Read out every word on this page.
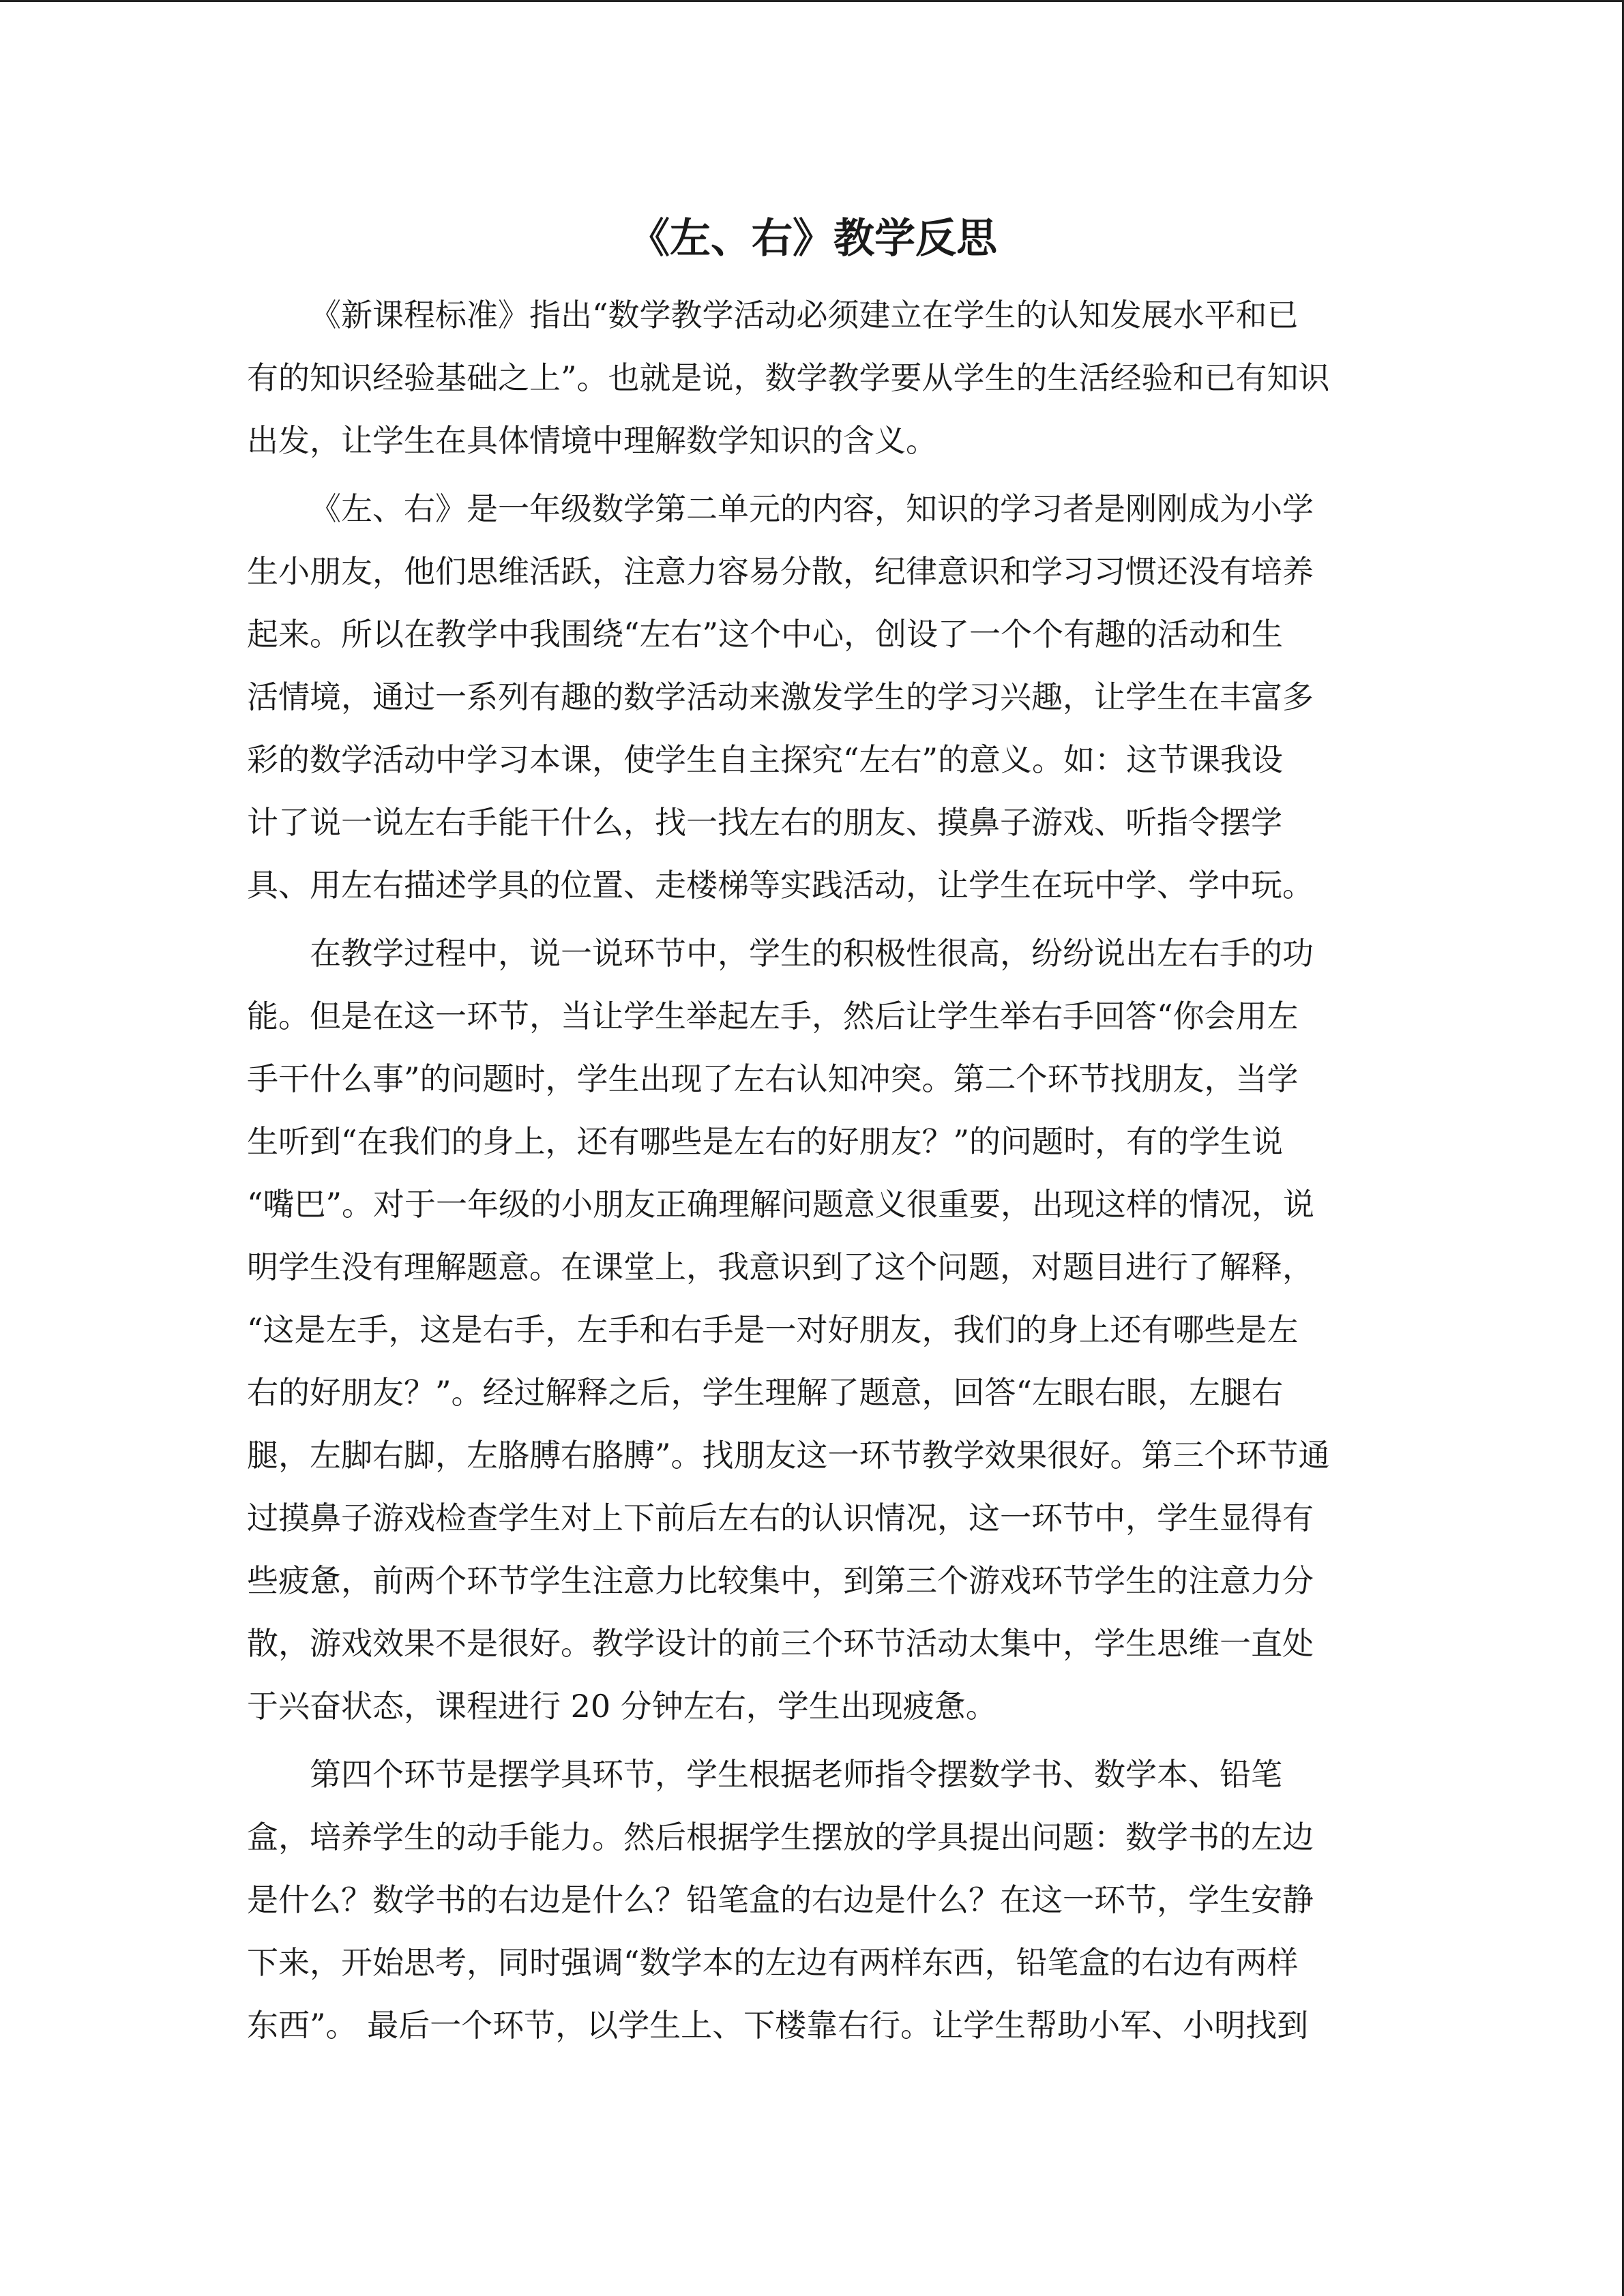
《左、右》教学反思

《新课程标准》指出“数学教学活动必须建立在学生的认知发展水平和已
有的知识经验基础之上”。也就是说，数学教学要从学生的生活经验和已有知识
出发，让学生在具体情境中理解数学知识的含义。

《左、右》是一年级数学第二单元的内容，知识的学习者是刚刚成为小学
生小朋友，他们思维活跃，注意力容易分散，纪律意识和学习习惯还没有培养
起来。所以在教学中我围绕“左右”这个中心，创设了一个个有趣的活动和生
活情境，通过一系列有趣的数学活动来激发学生的学习兴趣，让学生在丰富多
彩的数学活动中学习本课，使学生自主探究“左右”的意义。如：这节课我设
计了说一说左右手能干什么，找一找左右的朋友、摸鼻子游戏、听指令摆学
具、用左右描述学具的位置、走楼梯等实践活动，让学生在玩中学、学中玩。

在教学过程中，说一说环节中，学生的积极性很高，纷纷说出左右手的功
能。但是在这一环节，当让学生举起左手，然后让学生举右手回答“你会用左
手干什么事”的问题时，学生出现了左右认知冲突。第二个环节找朋友，当学
生听到“在我们的身上，还有哪些是左右的好朋友？”的问题时，有的学生说
“嘴巴”。对于一年级的小朋友正确理解问题意义很重要，出现这样的情况，说
明学生没有理解题意。在课堂上，我意识到了这个问题，对题目进行了解释，
“这是左手，这是右手，左手和右手是一对好朋友，我们的身上还有哪些是左
右的好朋友？”。经过解释之后，学生理解了题意，回答“左眼右眼，左腿右
腿，左脚右脚，左胳膊右胳膊”。找朋友这一环节教学效果很好。第三个环节通
过摸鼻子游戏检查学生对上下前后左右的认识情况，这一环节中，学生显得有
些疲惫，前两个环节学生注意力比较集中，到第三个游戏环节学生的注意力分
散，游戏效果不是很好。教学设计的前三个环节活动太集中，学生思维一直处
于兴奋状态，课程进行 20 分钟左右，学生出现疲惫。

第四个环节是摆学具环节，学生根据老师指令摆数学书、数学本、铅笔
盒，培养学生的动手能力。然后根据学生摆放的学具提出问题：数学书的左边
是什么？数学书的右边是什么？铅笔盒的右边是什么？在这一环节，学生安静
下来，开始思考，同时强调“数学本的左边有两样东西，铅笔盒的右边有两样
东西”。 最后一个环节，以学生上、下楼靠右行。让学生帮助小军、小明找到
